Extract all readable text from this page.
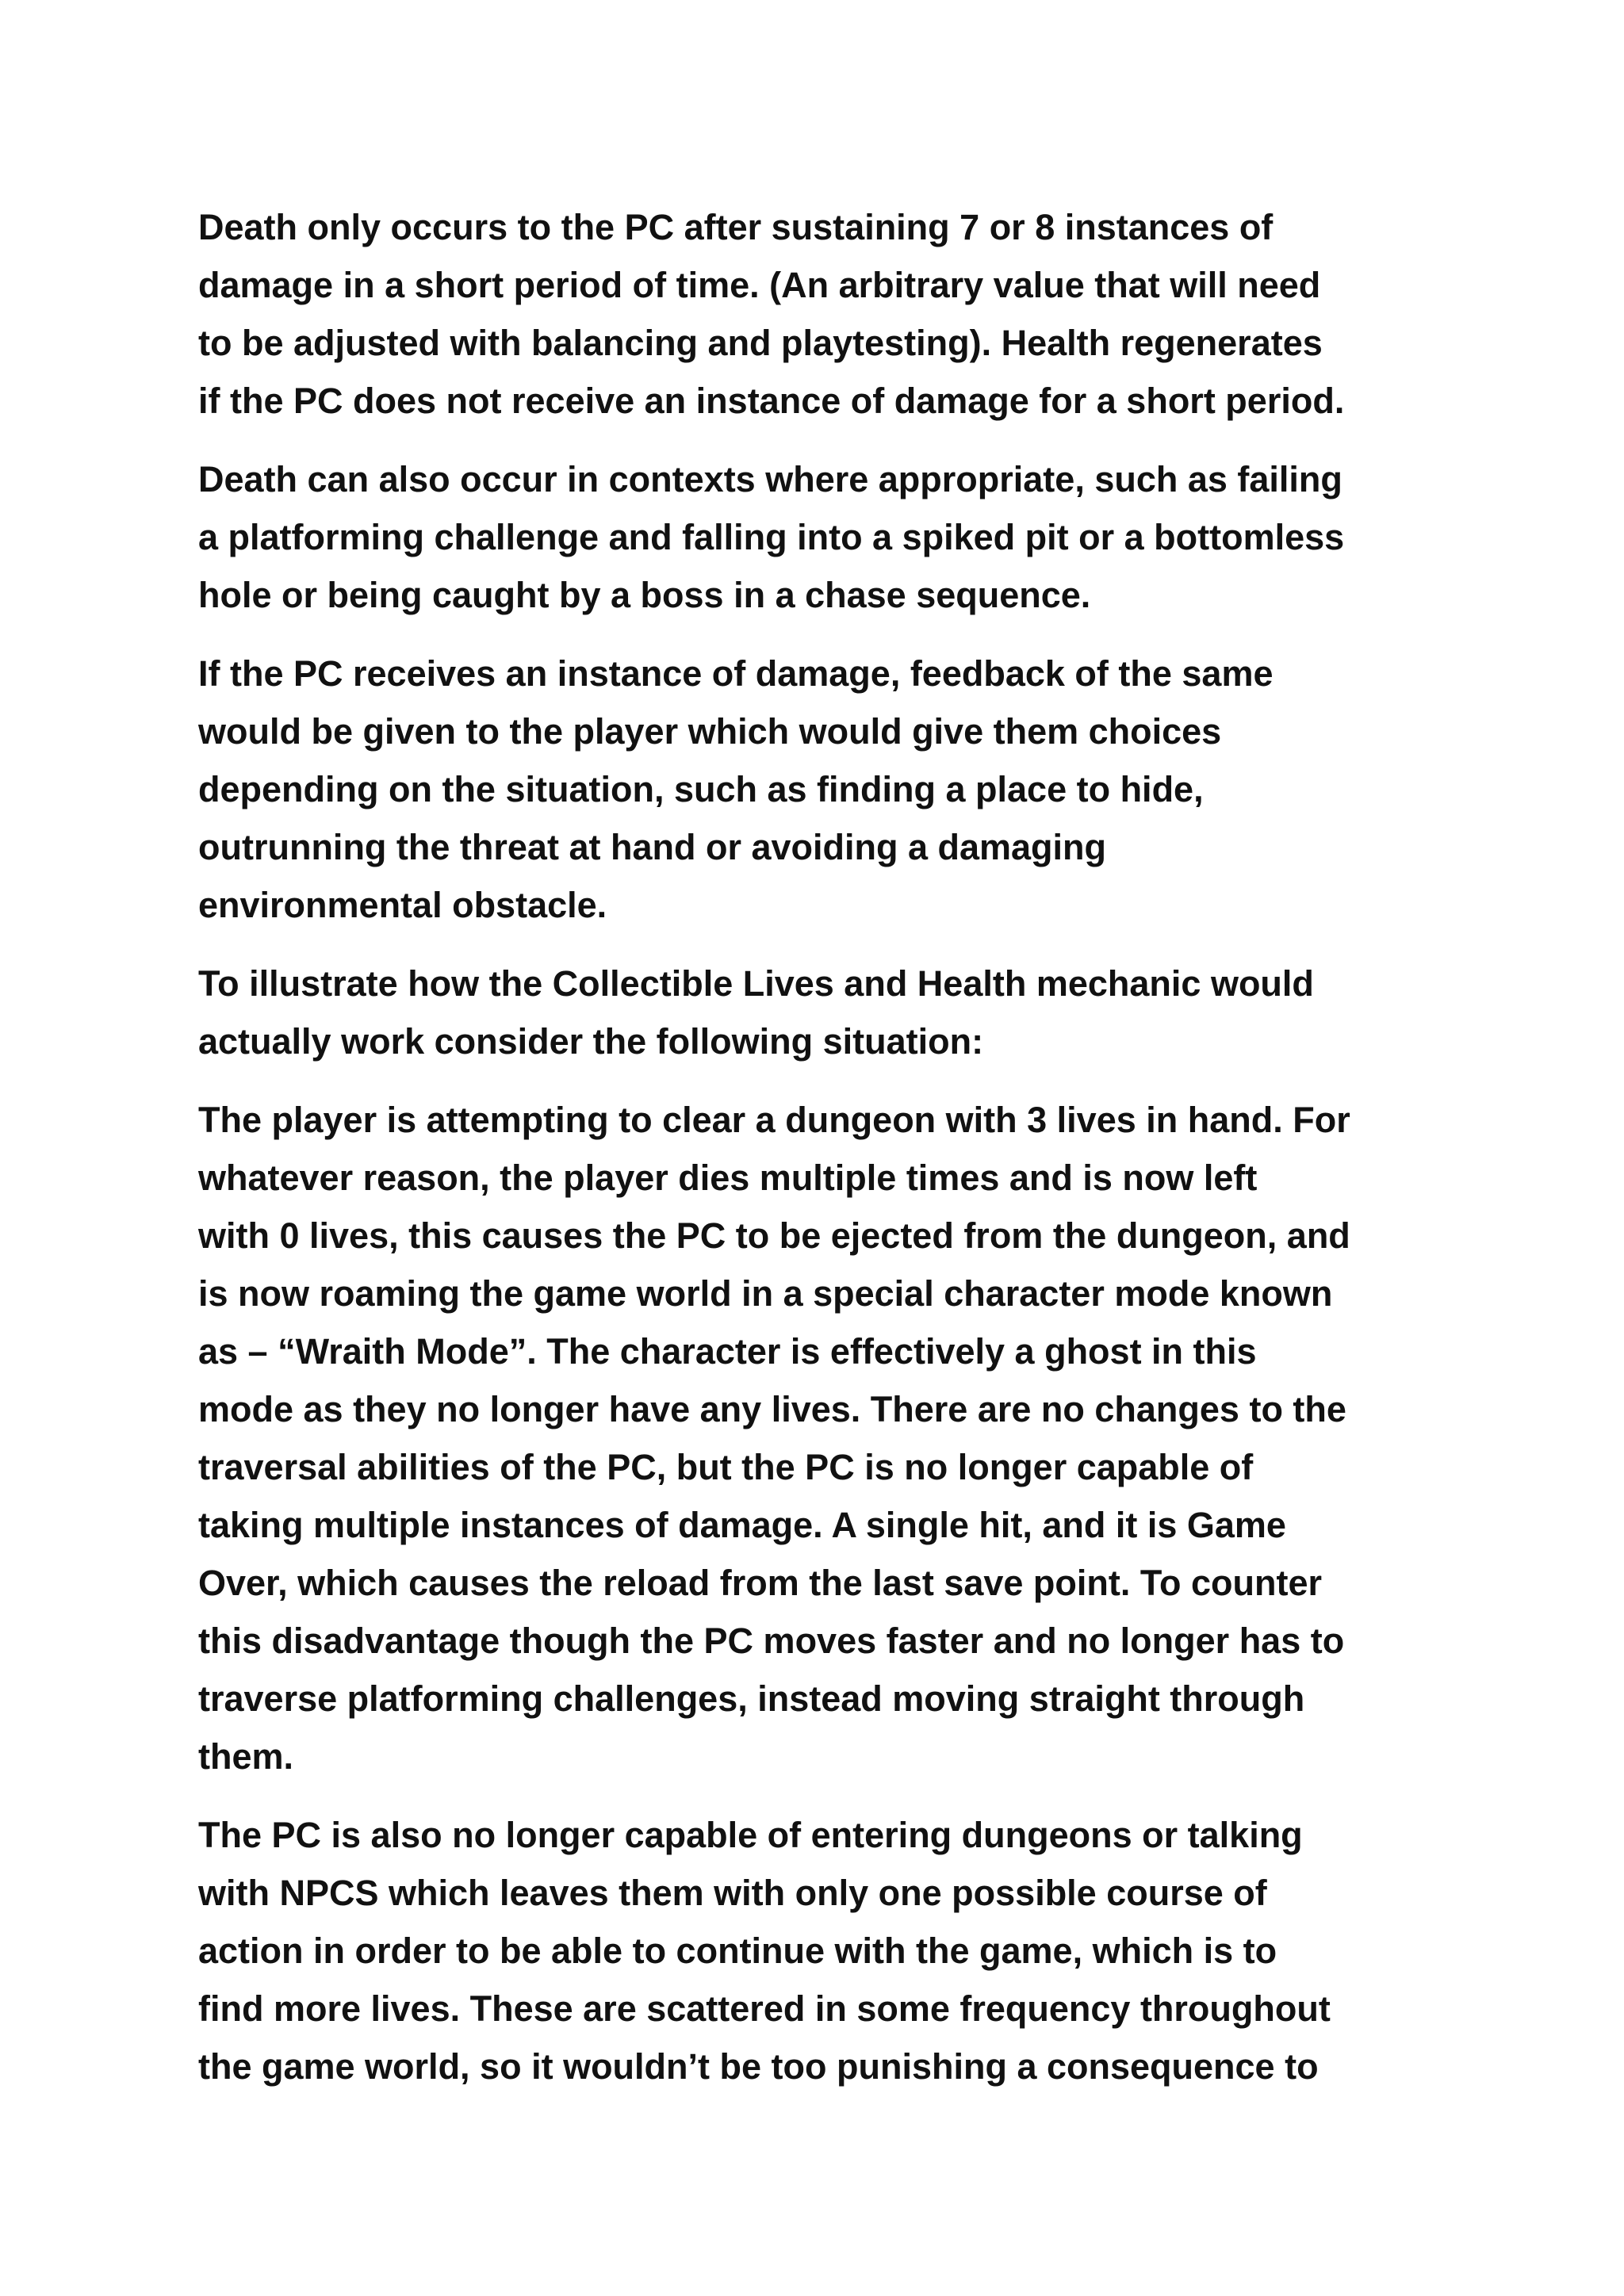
Death only occurs to the PC after sustaining 7 or 8 instances of
damage in a short period of time. (An arbitrary value that will need
to be adjusted with balancing and playtesting). Health regenerates
if the PC does not receive an instance of damage for a short period.
Death can also occur in contexts where appropriate, such as failing
a platforming challenge and falling into a spiked pit or a bottomless
hole or being caught by a boss in a chase sequence.
If the PC receives an instance of damage, feedback of the same
would be given to the player which would give them choices
depending on the situation, such as finding a place to hide,
outrunning the threat at hand or avoiding a damaging
environmental obstacle.
To illustrate how the Collectible Lives and Health mechanic would
actually work consider the following situation:
The player is attempting to clear a dungeon with 3 lives in hand. For
whatever reason, the player dies multiple times and is now left
with 0 lives, this causes the PC to be ejected from the dungeon, and
is now roaming the game world in a special character mode known
as – “Wraith Mode”. The character is effectively a ghost in this
mode as they no longer have any lives. There are no changes to the
traversal abilities of the PC, but the PC is no longer capable of
taking multiple instances of damage. A single hit, and it is Game
Over, which causes the reload from the last save point. To counter
this disadvantage though the PC moves faster and no longer has to
traverse platforming challenges, instead moving straight through
them.
The PC is also no longer capable of entering dungeons or talking
with NPCS which leaves them with only one possible course of
action in order to be able to continue with the game, which is to
find more lives. These are scattered in some frequency throughout
the game world, so it wouldn’t be too punishing a consequence to
